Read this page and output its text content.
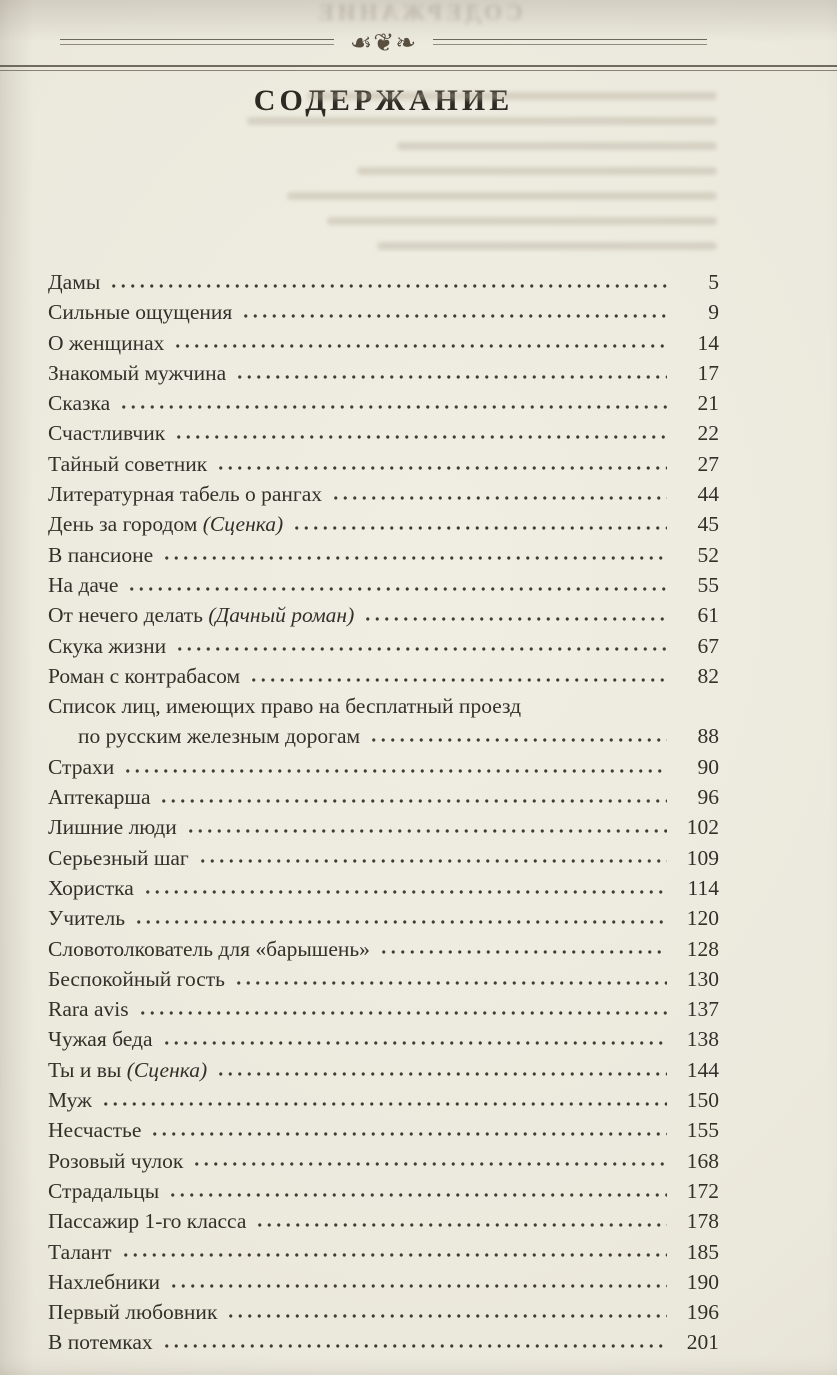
СОДЕРЖАНИЕ
☙❦❧
СОДЕРЖАНИЕ
Дамы	5
Сильные ощущения	9
О женщинах	14
Знакомый мужчина	17
Сказка	21
Счастливчик	22
Тайный советник	27
Литературная табель о рангах	44
День за городом (Сценка)	45
В пансионе	52
На даче	55
От нечего делать (Дачный роман)	61
Скука жизни	67
Роман с контрабасом	82
Список лиц, имеющих право на бесплатный проезд
по русским железным дорогам	88
Страхи	90
Аптекарша	96
Лишние люди	102
Серьезный шаг	109
Хористка	114
Учитель	120
Словотолкователь для «барышень»	128
Беспокойный гость	130
Rara avis	137
Чужая беда	138
Ты и вы (Сценка)	144
Муж	150
Несчастье	155
Розовый чулок	168
Страдальцы	172
Пассажир 1-го класса	178
Талант	185
Нахлебники	190
Первый любовник	196
В потемках	201
